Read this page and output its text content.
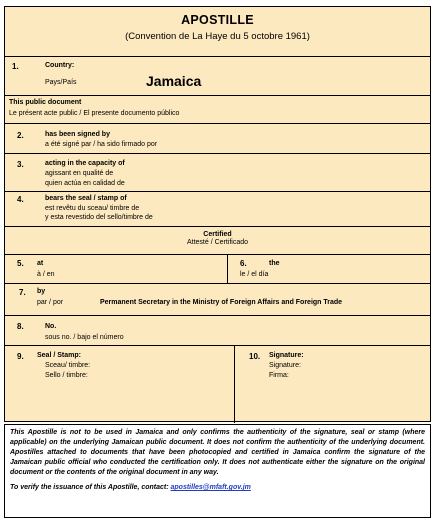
APOSTILLE
(Convention de La Haye du 5 octobre 1961)
1.	Country:
Pays/País	Jamaica
This public document
Le présent acte public / El presente documento público
2.	has been signed by
a été signé par / ha sido firmado por
3.	acting in the capacity of
agissant en qualité de
quien actúa en calidad de
4.	bears the seal / stamp of
est revêtu du sceau/ timbre de
y esta revestido del sello/timbre de
Certified
Attesté / Certificado
5. at
à / en
6.	the
le / el día
7. by
par / por	Permanent Secretary in the Ministry of Foreign Affairs and Foreign Trade
8.	No.
sous no. / bajo el número
9. Seal / Stamp:
Sceau/ timbre:
Sello / timbre:
10. Signature:
Signature:
Firma:
This Apostille is not to be used in Jamaica and only confirms the authenticity of the signature, seal or stamp (where applicable) on the underlying Jamaican public document. It does not confirm the authenticity of the underlying document. Apostilles attached to documents that have been photocopied and certified in Jamaica confirm the signature of the Jamaican public official who conducted the certification only. It does not authenticate either the signature on the original document or the contents of the original document in any way.
To verify the issuance of this Apostille, contact: apostilles@mfaft.gov.jm
